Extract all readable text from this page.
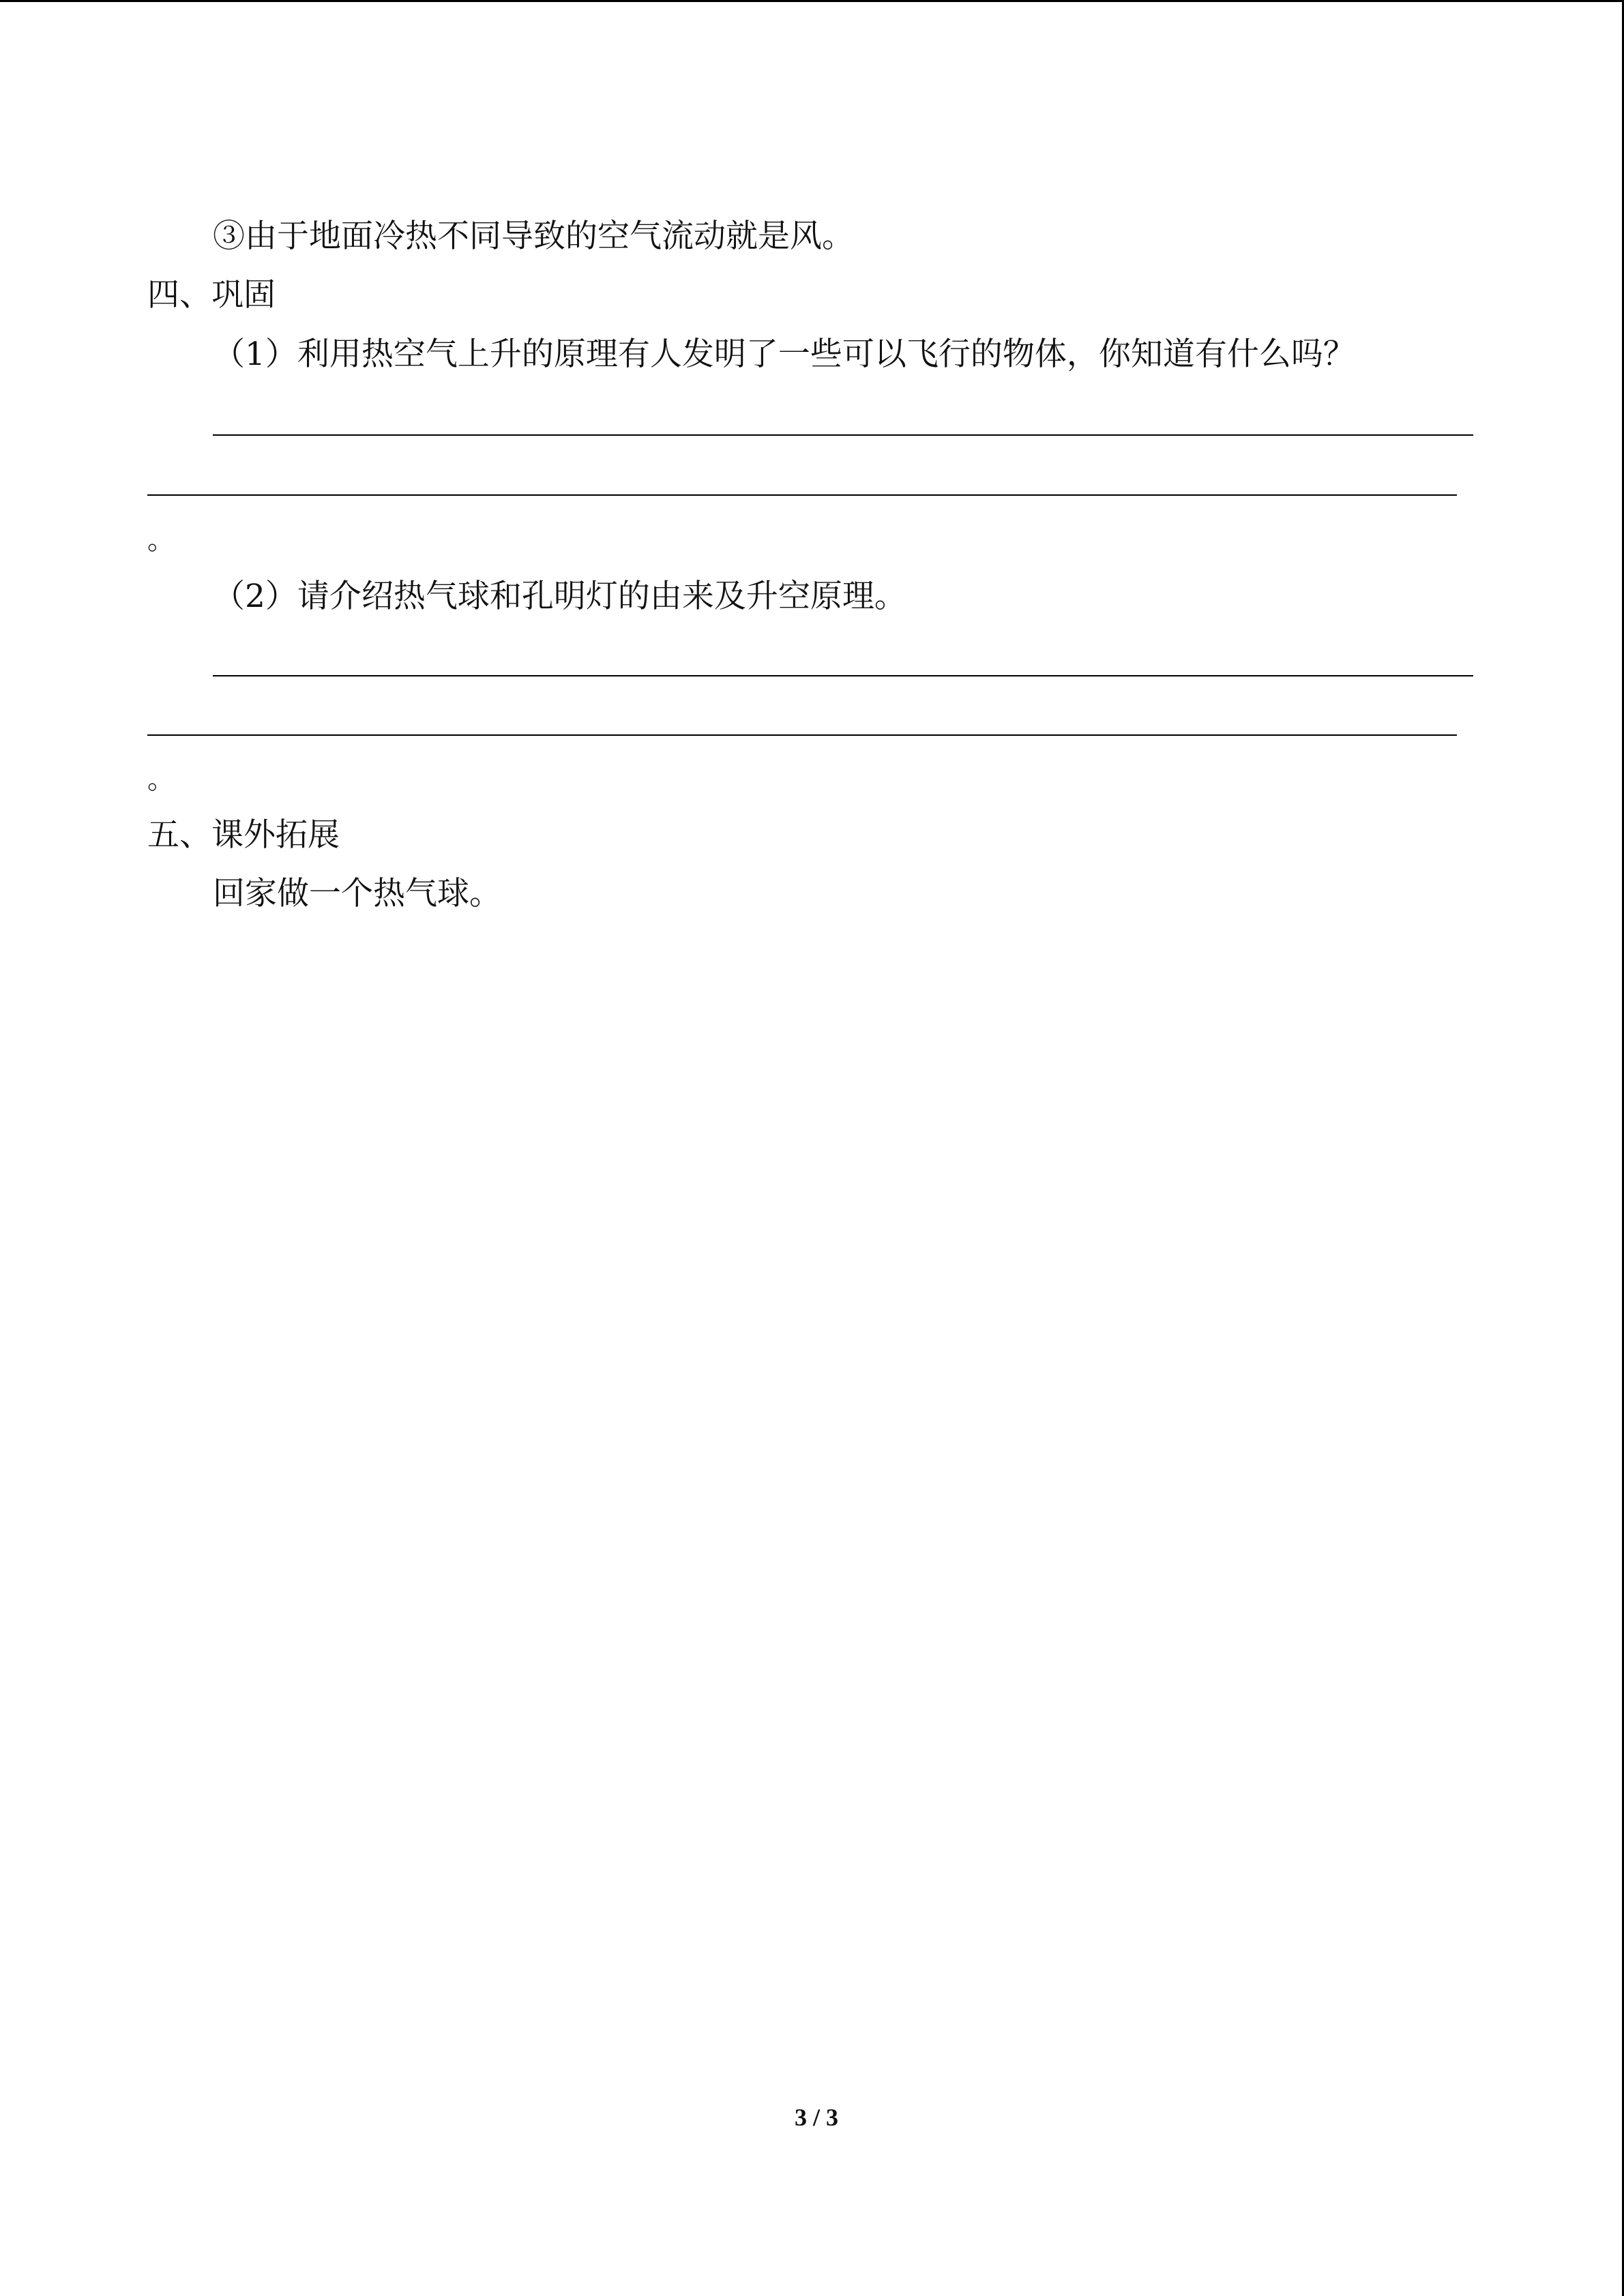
③由于地面冷热不同导致的空气流动就是风。
四、巩固
（1）利用热空气上升的原理有人发明了一些可以飞行的物体，你知道有什么吗？
。
（2）请介绍热气球和孔明灯的由来及升空原理。
。
五、课外拓展
回家做一个热气球。
3 / 3
